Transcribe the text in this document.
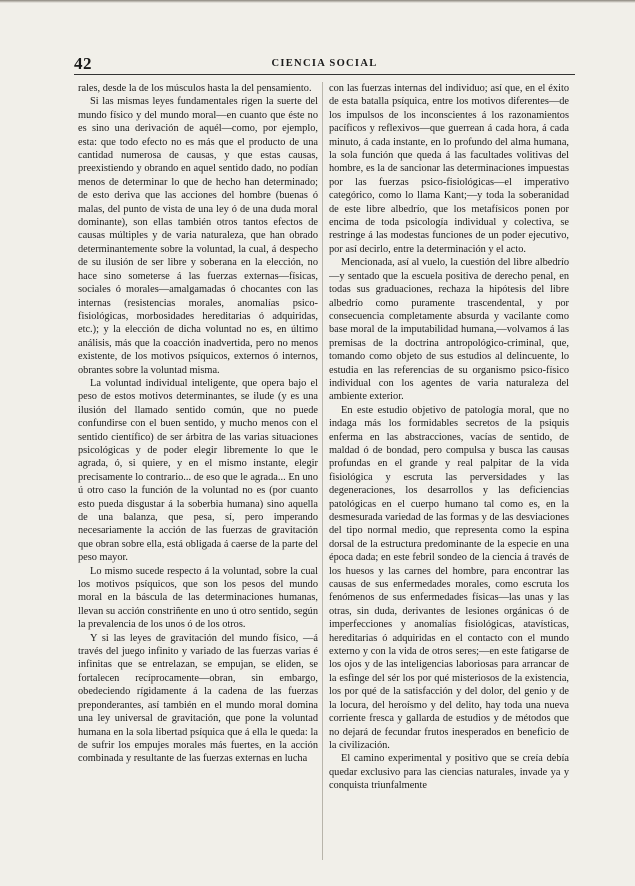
42	CIENCIA SOCIAL

rales, desde la de los músculos hasta la del pensamiento.

Si las mismas leyes fundamentales rigen la suerte del mundo físico y del mundo moral—en cuanto que éste no es sino una derivación de aquél—como, por ejemplo, esta: que todo efecto no es más que el producto de una cantidad numerosa de causas, y que estas causas, preexistiendo y obrando en aquel sentido dado, no podían menos de determinar lo que de hecho han determinado; de esto deriva que las acciones del hombre (buenas ó malas, del punto de vista de una ley ó de una duda moral dominante), son ellas también otros tantos efectos de causas múltiples y de varia naturaleza, que han obrado determinantemente sobre la voluntad, la cual, á despecho de su ilusión de ser libre y soberana en la elección, no hace sino someterse á las fuerzas externas—físicas, sociales ó morales—amalgamadas ó chocantes con las internas (resistencias morales, anomalías psico-fisiológicas, morbosidades hereditarias ó adquiridas, etc.); y la elección de dicha voluntad no es, en último análisis, más que la coacción inadvertida, pero no menos existente, de los motivos psíquicos, externos ó internos, obrantes sobre la voluntad misma.

La voluntad individual inteligente, que opera bajo el peso de estos motivos determinantes, se ilude (y es una ilusión del llamado sentido común, que no puede confundirse con el buen sentido, y mucho menos con el sentido científico) de ser árbitra de las varias situaciones psicológicas y de poder elegir libremente lo que le agrada, ó, si quiere, y en el mismo instante, elegir precisamente lo contrario... de eso que le agrada... En uno ú otro caso la función de la voluntad no es (por cuanto esto pueda disgustar á la soberbia humana) sino aquella de una balanza, que pesa, sí, pero imperando necesariamente la acción de las fuerzas de gravitación que obran sobre ella, está obligada á caerse de la parte del peso mayor.

Lo mismo sucede respecto á la voluntad, sobre la cual los motivos psíquicos, que son los pesos del mundo moral en la báscula de las determinaciones humanas, llevan su acción constriñente en uno ú otro sentido, según la prevalencia de los unos ó de los otros.

Y si las leyes de gravitación del mundo físico, —á través del juego infinito y variado de las fuerzas varias é infinitas que se entrelazan, se empujan, se eliden, se fortalecen recíprocamente—obran, sin embargo, obedeciendo rígidamente á la cadena de las fuerzas preponderantes, así también en el mundo moral domina una ley universal de gravitación, que pone la voluntad humana en la sola libertad psíquica que á ella le queda: la de sufrir los empujes morales más fuertes, en la acción combinada y resultante de las fuerzas externas en lucha

con las fuerzas internas del individuo; así que, en el éxito de esta batalla psíquica, entre los motivos diferentes—de los impulsos de los inconscientes á los razonamientos pacíficos y reflexivos—que guerrean á cada hora, á cada minuto, á cada instante, en lo profundo del alma humana, la sola función que queda á las facultades volitivas del hombre, es la de sancionar las determinaciones impuestas por las fuerzas psico-fisiológicas—el imperativo categórico, como lo llama Kant;—y toda la soberanidad de este libre albedrío, que los metafísicos ponen por encima de toda psicología individual y colectiva, se restringe á las modestas funciones de un poder ejecutivo, por así decirlo, entre la determinación y el acto.

Mencionada, así al vuelo, la cuestión del libre albedrío—y sentado que la escuela positiva de derecho penal, en todas sus graduaciones, rechaza la hipótesis del libre albedrío como puramente trascendental, y por consecuencia completamente absurda y vacilante como base moral de la imputabilidad humana,—volvamos á las premisas de la doctrina antropológico-criminal, que, tomando como objeto de sus estudios al delincuente, lo estudia en las referencias de su organismo psico-físico individual con los agentes de varia naturaleza del ambiente exterior.

En este estudio objetivo de patología moral, que no indaga más los formidables secretos de la psiquis enferma en las abstracciones, vacías de sentido, de maldad ó de bondad, pero compulsa y busca las causas profundas en el grande y real palpitar de la vida fisiológica y escruta las perversidades y las degeneraciones, los desarrollos y las deficiencias patológicas en el cuerpo humano tal como es, en la desmesurada variedad de las formas y de las desviaciones del tipo normal medio, que representa como la espina dorsal de la estructura predominante de la especie en una época dada; en este febril sondeo de la ciencia á través de los huesos y las carnes del hombre, para encontrar las causas de sus enfermedades morales, como escruta los fenómenos de sus enfermedades físicas—las unas y las otras, sin duda, derivantes de lesiones orgánicas ó de imperfecciones y anomalías fisiológicas, atavísticas, hereditarias ó adquiridas en el contacto con el mundo externo y con la vida de otros seres;—en este fatigarse de los ojos y de las inteligencias laboriosas para arrancar de la esfinge del sér los por qué misteriosos de la existencia, los por qué de la satisfacción y del dolor, del genio y de la locura, del heroísmo y del delito, hay toda una nueva corriente fresca y gallarda de estudios y de métodos que no dejará de fecundar frutos inesperados en beneficio de la civilización.

El camino experimental y positivo que se creía debía quedar exclusivo para las ciencias naturales, invade ya y conquista triunfalmente
